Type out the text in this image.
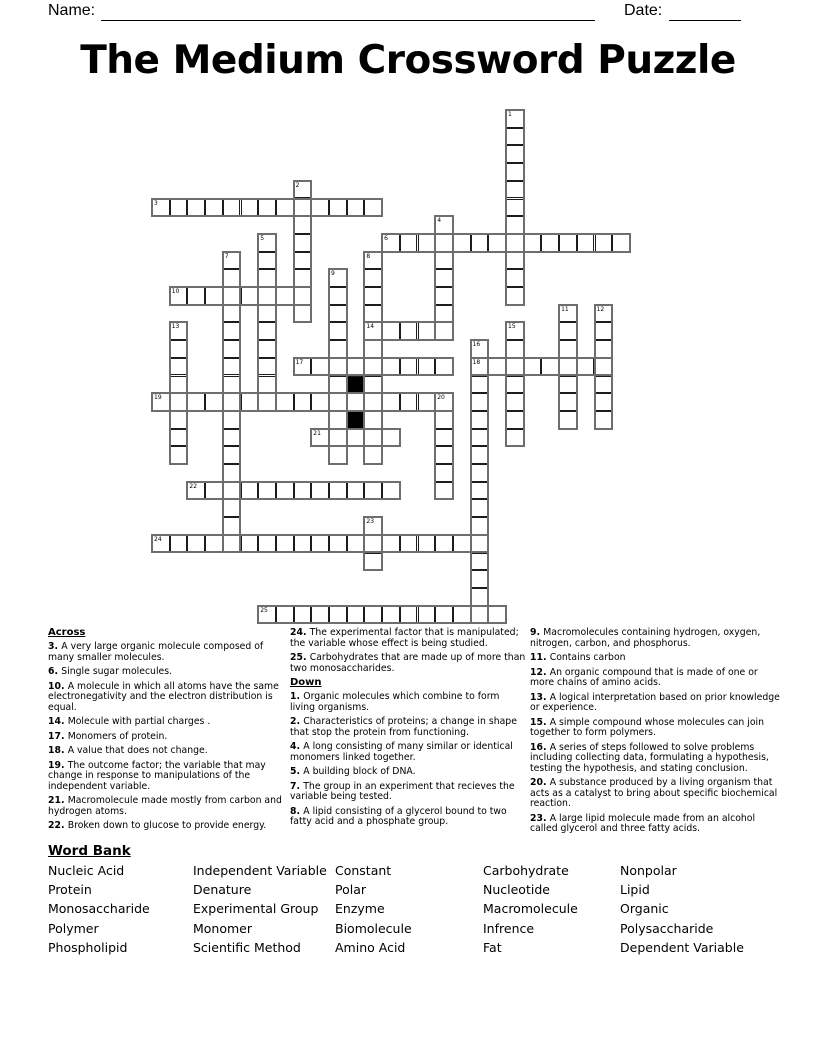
Name:	Date:
The Medium Crossword Puzzle
1
2
3
4
5	6
7	8
14
9
10
11	12
13	15
16
18
17
19	20
21
22
23
24
25
Across
3. A very large organic molecule composed of many smaller molecules.
6. Single sugar molecules.
10. A molecule in which all atoms have the same electronegativity and the electron distribution is equal.
14. Molecule with partial charges .
17. Monomers of protein.
18. A value that does not change.
19. The outcome factor; the variable that may change in response to manipulations of the independent variable.
21. Macromolecule made mostly from carbon and hydrogen atoms.
22. Broken down to glucose to provide energy.
24. The experimental factor that is manipulated; the variable whose effect is being studied.
25. Carbohydrates that are made up of more than two monosaccharides.
Down
1. Organic molecules which combine to form living organisms.
2. Characteristics of proteins; a change in shape that stop the protein from functioning.
4. A long consisting of many similar or identical monomers linked together.
5. A building block of DNA.
7. The group in an experiment that recieves the variable being tested.
8. A lipid consisting of a glycerol bound to two fatty acid and a phosphate group.
9. Macromolecules containing hydrogen, oxygen, nitrogen, carbon, and phosphorus.
11. Contains carbon
12. An organic compound that is made of one or more chains of amino acids.
13. A logical interpretation based on prior knowledge or experience.
15. A simple compound whose molecules can join together to form polymers.
16. A series of steps followed to solve problems including collecting data, formulating a hypothesis, testing the hypothesis, and stating conclusion.
20. A substance produced by a living organism that acts as a catalyst to bring about specific biochemical reaction.
23. A large lipid molecule made from an alcohol called glycerol and three fatty acids.
Word Bank
Nucleic Acid
Protein
Monosaccharide
Polymer
Phospholipid
Independent Variable
Denature
Experimental Group
Monomer
Scientific Method
Constant
Polar
Enzyme
Biomolecule
Amino Acid
Carbohydrate
Nucleotide
Macromolecule
Infrence
Fat
Nonpolar
Lipid
Organic
Polysaccharide
Dependent Variable
